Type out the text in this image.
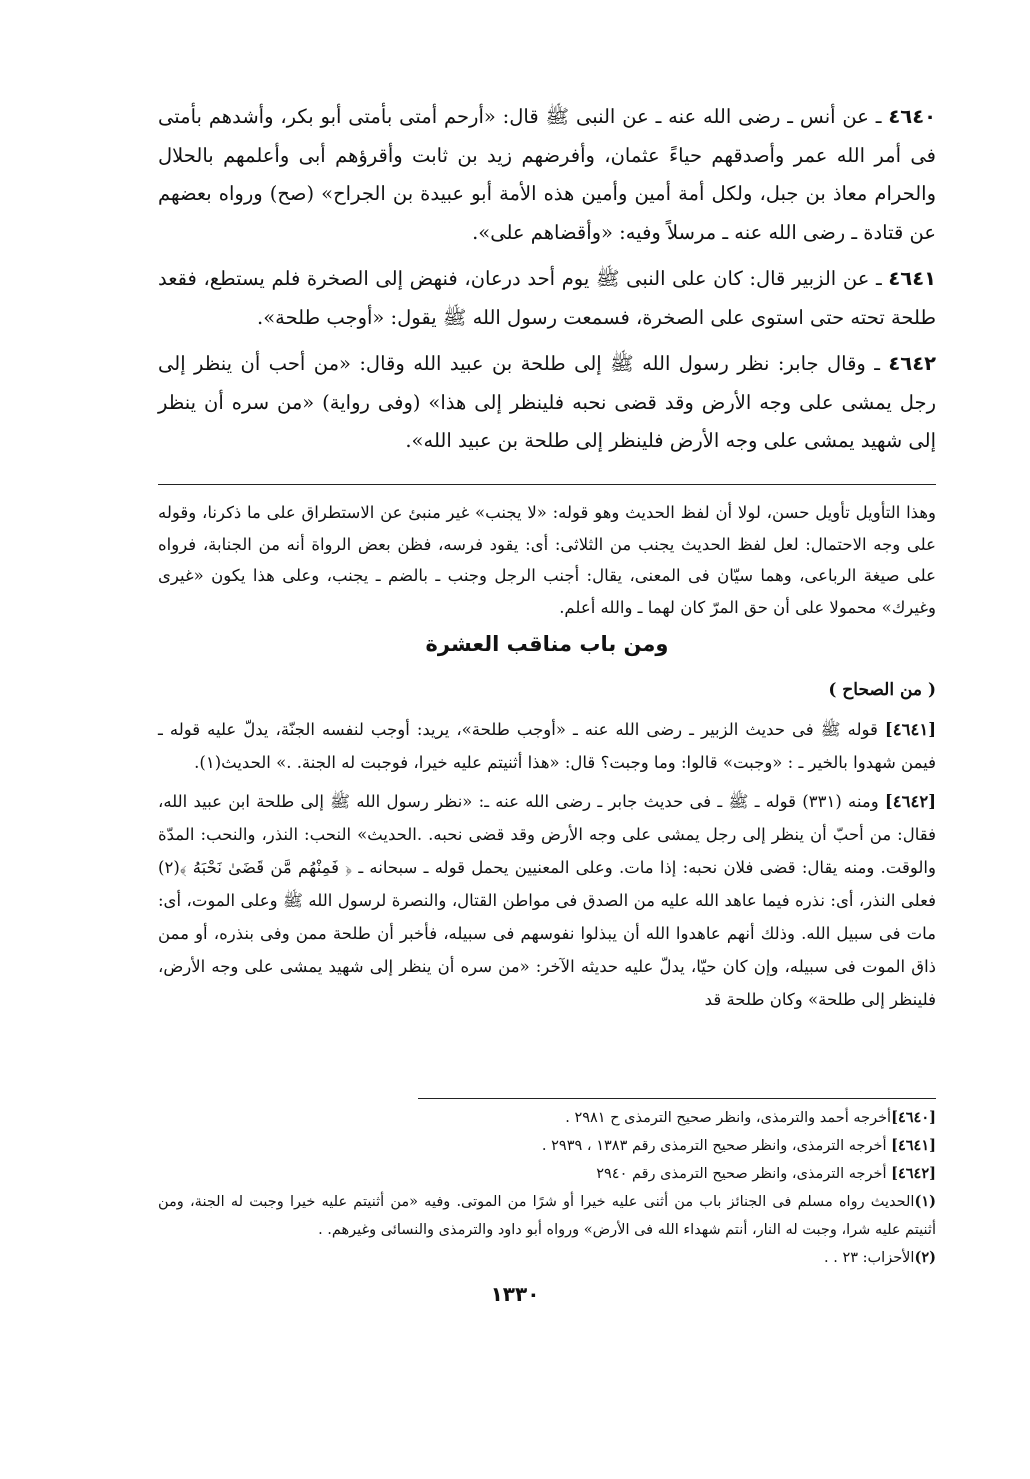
٤٦٤٠ ـ عن أنس ـ رضى الله عنه ـ عن النبى ﷺ قال: «أرحم أمتى بأمتى أبو بكر، وأشدهم بأمتى فى أمر الله عمر وأصدقهم حياءً عثمان، وأفرضهم زيد بن ثابت وأقرؤهم أبى وأعلمهم بالحلال والحرام معاذ بن جبل، ولكل أمة أمين وأمين هذه الأمة أبو عبيدة بن الجراح» (صح) ورواه بعضهم عن قتادة ـ رضى الله عنه ـ مرسلاً وفيه: «وأقضاهم على».

٤٦٤١ ـ عن الزبير قال: كان على النبى ﷺ يوم أحد درعان، فنهض إلى الصخرة فلم يستطع، فقعد طلحة تحته حتى استوى على الصخرة، فسمعت رسول الله ﷺ يقول: «أوجب طلحة».

٤٦٤٢ ـ وقال جابر: نظر رسول الله ﷺ إلى طلحة بن عبيد الله وقال: «من أحب أن ينظر إلى رجل يمشى على وجه الأرض وقد قضى نحبه فلينظر إلى هذا» (وفى رواية) «من سره أن ينظر إلى شهيد يمشى على وجه الأرض فلينظر إلى طلحة بن عبيد الله».

وهذا التأويل تأويل حسن، لولا أن لفظ الحديث وهو قوله: «لا يجنب» غير منبئ عن الاستطراق على ما ذكرنا، وقوله على وجه الاحتمال: لعل لفظ الحديث يجنب من الثلاثى: أى: يقود فرسه، فظن بعض الرواة أنه من الجنابة، فرواه على صيغة الرباعى، وهما سيّان فى المعنى، يقال: أجنب الرجل وجنب ـ بالضم ـ يجنب، وعلى هذا يكون «غيرى وغيرك» محمولا على أن حق المرّ كان لهما ـ والله أعلم.

ومن باب مناقب العشرة
( من الصحاح )

[٤٦٤١] قوله ﷺ فى حديث الزبير ـ رضى الله عنه ـ «أوجب طلحة»، يريد: أوجب لنفسه الجنّة، يدلّ عليه قوله ـ فيمن شهدوا بالخير ـ : «وجبت» قالوا: وما وجبت؟ قال: «هذا أثنيتم عليه خيرا، فوجبت له الجنة. .» الحديث(١).

[٤٦٤٢] ومنه (٣٣١) قوله ـ ﷺ ـ فى حديث جابر ـ رضى الله عنه ـ: «نظر رسول الله ﷺ إلى طلحة ابن عبيد الله، فقال: من أحبّ أن ينظر إلى رجل يمشى على وجه الأرض وقد قضى نحبه. .الحديث» النحب: النذر، والنحب: المدّة والوقت. ومنه يقال: قضى فلان نحبه: إذا مات. وعلى المعنيين يحمل قوله ـ سبحانه ـ ﴿ فَمِنْهُم مَّن قَضَىٰ نَحْبَهُ ﴾(٢) فعلى النذر، أى: نذره فيما عاهد الله عليه من الصدق فى مواطن القتال، والنصرة لرسول الله ﷺ وعلى الموت، أى: مات فى سبيل الله. وذلك أنهم عاهدوا الله أن يبذلوا نفوسهم فى سبيله، فأخبر أن طلحة ممن وفى بنذره، أو ممن ذاق الموت فى سبيله، وإن كان حيّا، يدلّ عليه حديثه الآخر: «من سره أن ينظر إلى شهيد يمشى على وجه الأرض، فلينظر إلى طلحة» وكان طلحة قد

[٤٦٤٠]أخرجه أحمد والترمذى، وانظر صحيح الترمذى ح ٢٩٨١ .

[٤٦٤١] أخرجه الترمذى، وانظر صحيح الترمذى رقم ١٣٨٣ ، ٢٩٣٩ .

[٤٦٤٢] أخرجه الترمذى، وانظر صحيح الترمذى رقم ٢٩٤٠

(١)الحديث رواه مسلم فى الجنائز باب من أثنى عليه خيرا أو شرًا من الموتى. وفيه «من أثنيتم عليه خيرا وجبت له الجنة، ومن أثنيتم عليه شرا، وجبت له النار، أنتم شهداء الله فى الأرض» ورواه أبو داود والترمذى والنسائى وغيرهم. .

(٢)الأحزاب: ٢٣ . .

١٣٣٠
